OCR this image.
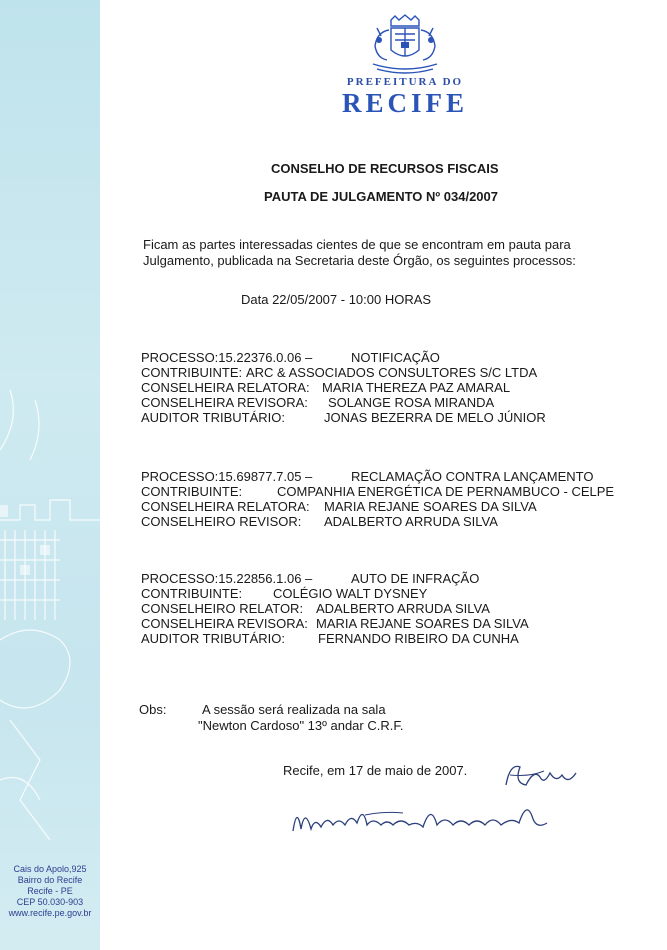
Cais do Apolo,925
Bairro do Recife
Recife - PE
CEP 50.030-903
www.recife.pe.gov.br
PREFEITURA DO
RECIFE
CONSELHO DE RECURSOS FISCAIS
PAUTA DE JULGAMENTO Nº 034/2007
Ficam as partes interessadas cientes de que se encontram em pauta para
Julgamento, publicada na Secretaria deste Órgão, os seguintes processos:
Data 22/05/2007 - 10:00 HORAS
PROCESSO:15.22376.0.06 –	NOTIFICAÇÃO
CONTRIBUINTE: ARC & ASSOCIADOS CONSULTORES S/C LTDA
CONSELHEIRA RELATORA: MARIA THEREZA PAZ AMARAL
CONSELHEIRA REVISORA: SOLANGE ROSA MIRANDA
AUDITOR TRIBUTÁRIO:	JONAS BEZERRA DE MELO JÚNIOR
PROCESSO:15.69877.7.05 –	RECLAMAÇÃO CONTRA LANÇAMENTO
CONTRIBUINTE:	COMPANHIA ENERGÉTICA DE PERNAMBUCO - CELPE
CONSELHEIRA RELATORA: MARIA REJANE SOARES DA SILVA
CONSELHEIRO REVISOR: ADALBERTO ARRUDA SILVA
PROCESSO:15.22856.1.06 –	AUTO DE INFRAÇÃO
CONTRIBUINTE: COLÉGIO WALT DYSNEY
CONSELHEIRO RELATOR: ADALBERTO ARRUDA SILVA
CONSELHEIRA REVISORA: MARIA REJANE SOARES DA SILVA
AUDITOR TRIBUTÁRIO:	FERNANDO RIBEIRO DA CUNHA
Obs:	A sessão será realizada na sala
"Newton Cardoso" 13º andar C.R.F.
Recife, em 17 de maio de 2007.
